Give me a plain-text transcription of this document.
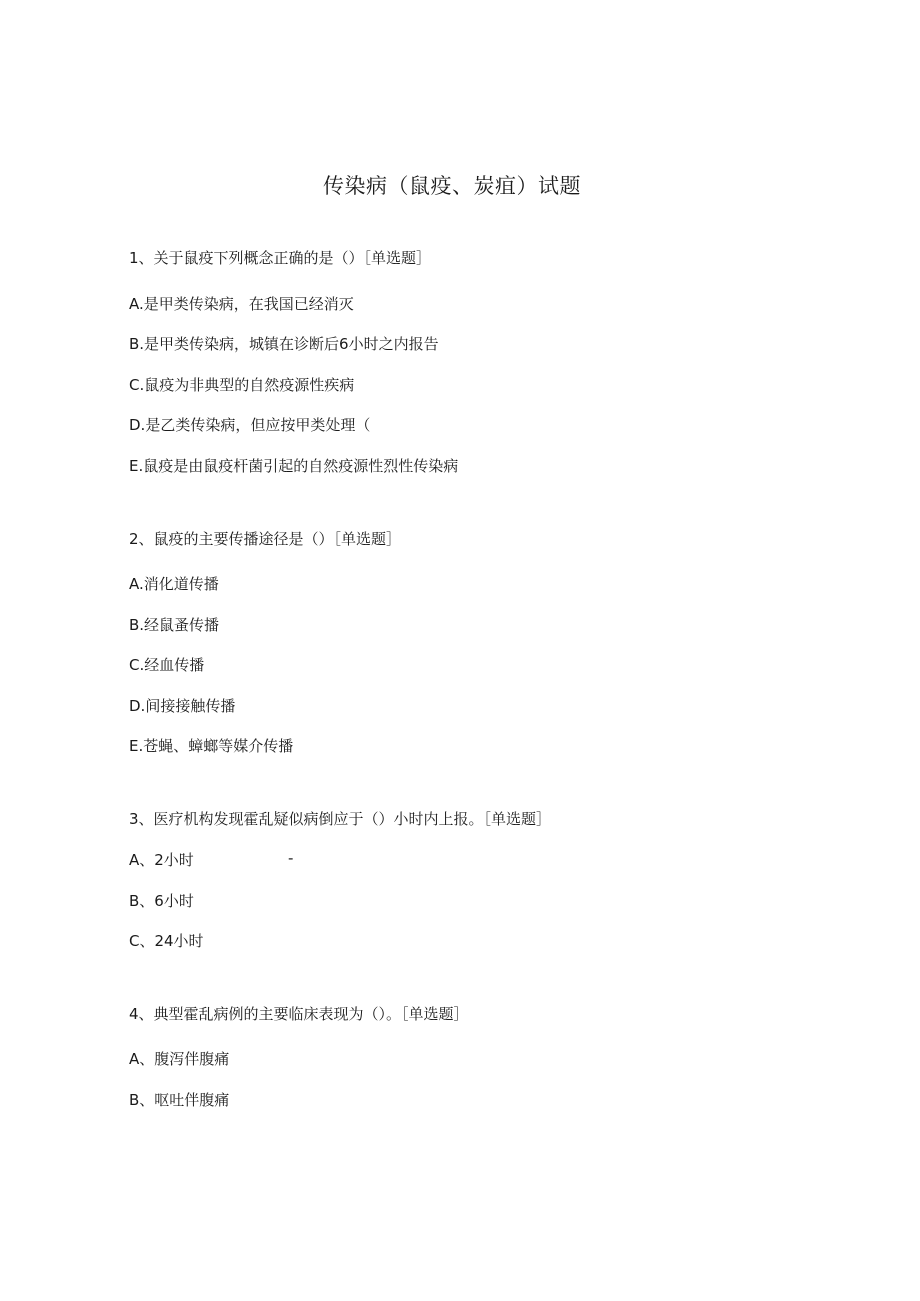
传染病（鼠疫、炭疽）试题

1、关于鼠疫下列概念正确的是（）［单选题］

A.是甲类传染病，在我国已经消灭

B.是甲类传染病，城镇在诊断后6小时之内报告

C.鼠疫为非典型的自然疫源性疾病

D.是乙类传染病，但应按甲类处理（

E.鼠疫是由鼠疫杆菌引起的自然疫源性烈性传染病

2、鼠疫的主要传播途径是（）［单选题］

A.消化道传播

B.经鼠蚤传播

C.经血传播

D.间接接触传播

E.苍蝇、蟑螂等媒介传播

3、医疗机构发现霍乱疑似病倒应于（）小时内上报。［单选题］

A、2小时	-

B、6小时

C、24小时

4、典型霍乱病例的主要临床表现为（）。［单选题］

A、腹泻伴腹痛

B、呕吐伴腹痛
